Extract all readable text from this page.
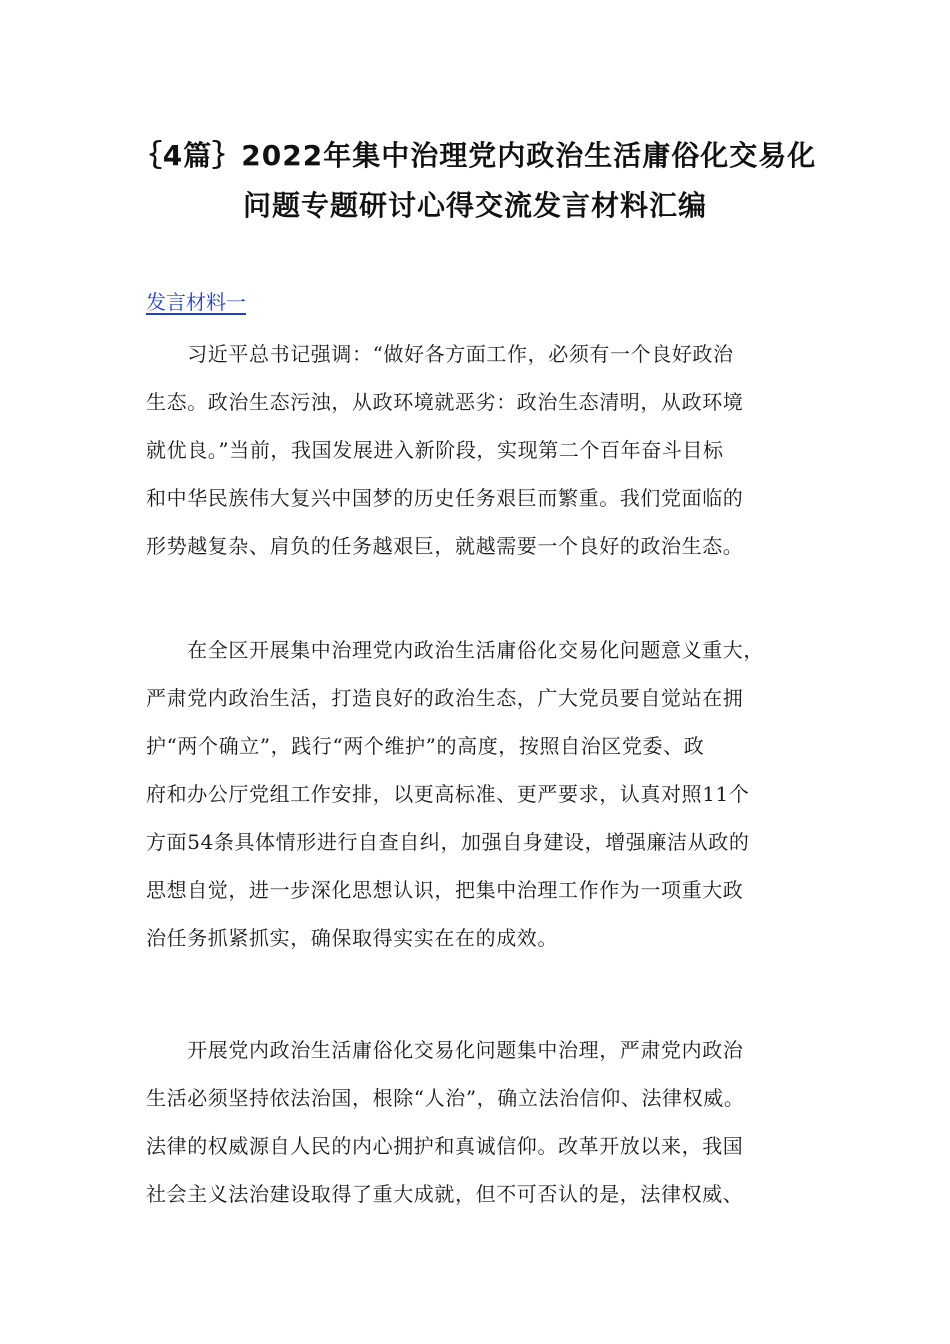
｛4篇｝2022年集中治理党内政治生活庸俗化交易化
问题专题研讨心得交流发言材料汇编
发言材料一
　　习近平总书记强调：“做好各方面工作，必须有一个良好政治
生态。政治生态污浊，从政环境就恶劣：政治生态清明，从政环境
就优良。”当前，我国发展进入新阶段，实现第二个百年奋斗目标
和中华民族伟大复兴中国梦的历史任务艰巨而繁重。我们党面临的
形势越复杂、肩负的任务越艰巨，就越需要一个良好的政治生态。
　　在全区开展集中治理党内政治生活庸俗化交易化问题意义重大，
严肃党内政治生活，打造良好的政治生态，广大党员要自觉站在拥
护“两个确立”，践行“两个维护”的高度，按照自治区党委、政
府和办公厅党组工作安排，以更高标准、更严要求，认真对照11个
方面54条具体情形进行自查自纠，加强自身建设，增强廉洁从政的
思想自觉，进一步深化思想认识，把集中治理工作作为一项重大政
治任务抓紧抓实，确保取得实实在在的成效。
　　开展党内政治生活庸俗化交易化问题集中治理，严肃党内政治
生活必须坚持依法治国，根除“人治”，确立法治信仰、法律权威。
法律的权威源自人民的内心拥护和真诚信仰。改革开放以来，我国
社会主义法治建设取得了重大成就，但不可否认的是，法律权威、
